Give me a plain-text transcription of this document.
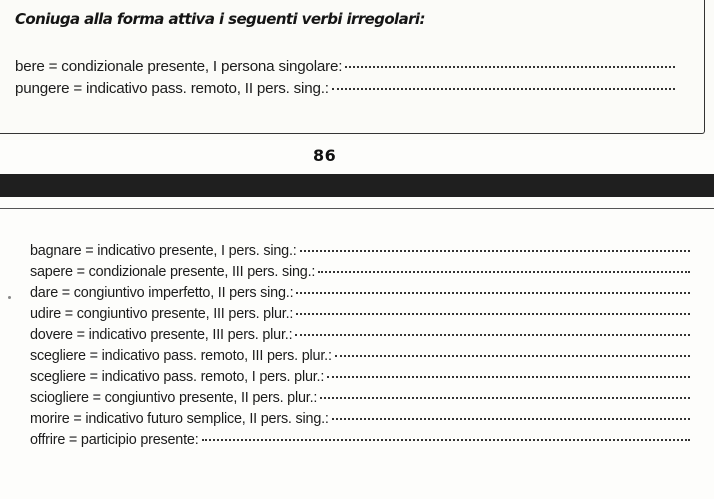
Coniuga alla forma attiva i seguenti verbi irregolari:
bere = condizionale presente, I persona singolare:
pungere = indicativo pass. remoto, II pers. sing.:
86
bagnare = indicativo presente, I pers. sing.:
sapere = condizionale presente, III pers. sing.:
dare = congiuntivo imperfetto, II pers sing.:
udire = congiuntivo presente, III pers. plur.:
dovere = indicativo presente, III pers. plur.:
scegliere = indicativo pass. remoto, III pers. plur.:
scegliere = indicativo pass. remoto, I pers. plur.:
sciogliere = congiuntivo presente, II pers. plur.:
morire = indicativo futuro semplice, II pers. sing.:
offrire = participio presente:
